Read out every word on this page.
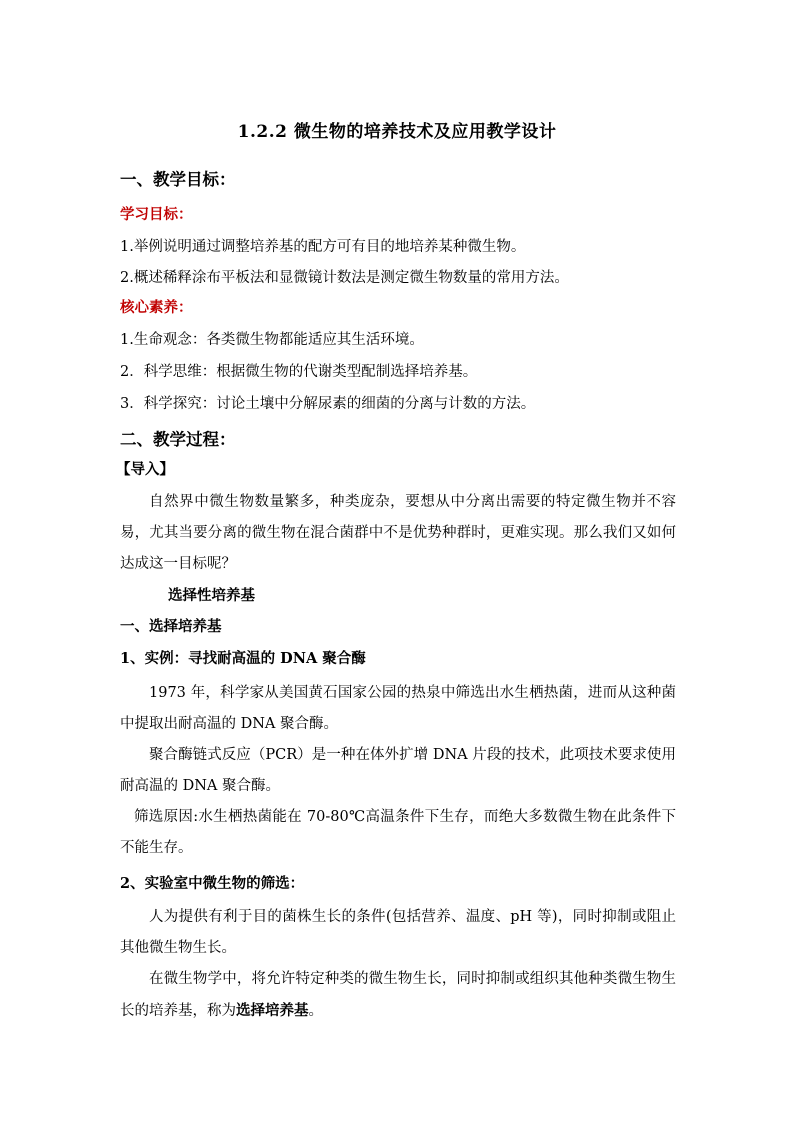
1.2.2 微生物的培养技术及应用教学设计
一、教学目标：
学习目标：
1.举例说明通过调整培养基的配方可有目的地培养某种微生物。
2.概述稀释涂布平板法和显微镜计数法是测定微生物数量的常用方法。
核心素养：
1.生命观念：各类微生物都能适应其生活环境。
2．科学思维：根据微生物的代谢类型配制选择培养基。
3．科学探究：讨论土壤中分解尿素的细菌的分离与计数的方法。
二、教学过程：
【导入】
自然界中微生物数量繁多，种类庞杂，要想从中分离出需要的特定微生物并不容易，尤其当要分离的微生物在混合菌群中不是优势种群时，更难实现。那么我们又如何达成这一目标呢？
选择性培养基
一、选择培养基
1、实例：寻找耐高温的 DNA 聚合酶
1973 年，科学家从美国黄石国家公园的热泉中筛选出水生栖热菌，进而从这种菌中提取出耐高温的 DNA 聚合酶。
聚合酶链式反应（PCR）是一种在体外扩增 DNA 片段的技术，此项技术要求使用耐高温的 DNA 聚合酶。
筛选原因:水生栖热菌能在 70-80℃高温条件下生存，而绝大多数微生物在此条件下不能生存。
2、实验室中微生物的筛选：
人为提供有利于目的菌株生长的条件(包括营养、温度、pH 等)，同时抑制或阻止其他微生物生长。
在微生物学中，将允许特定种类的微生物生长，同时抑制或组织其他种类微生物生长的培养基，称为选择培养基。
